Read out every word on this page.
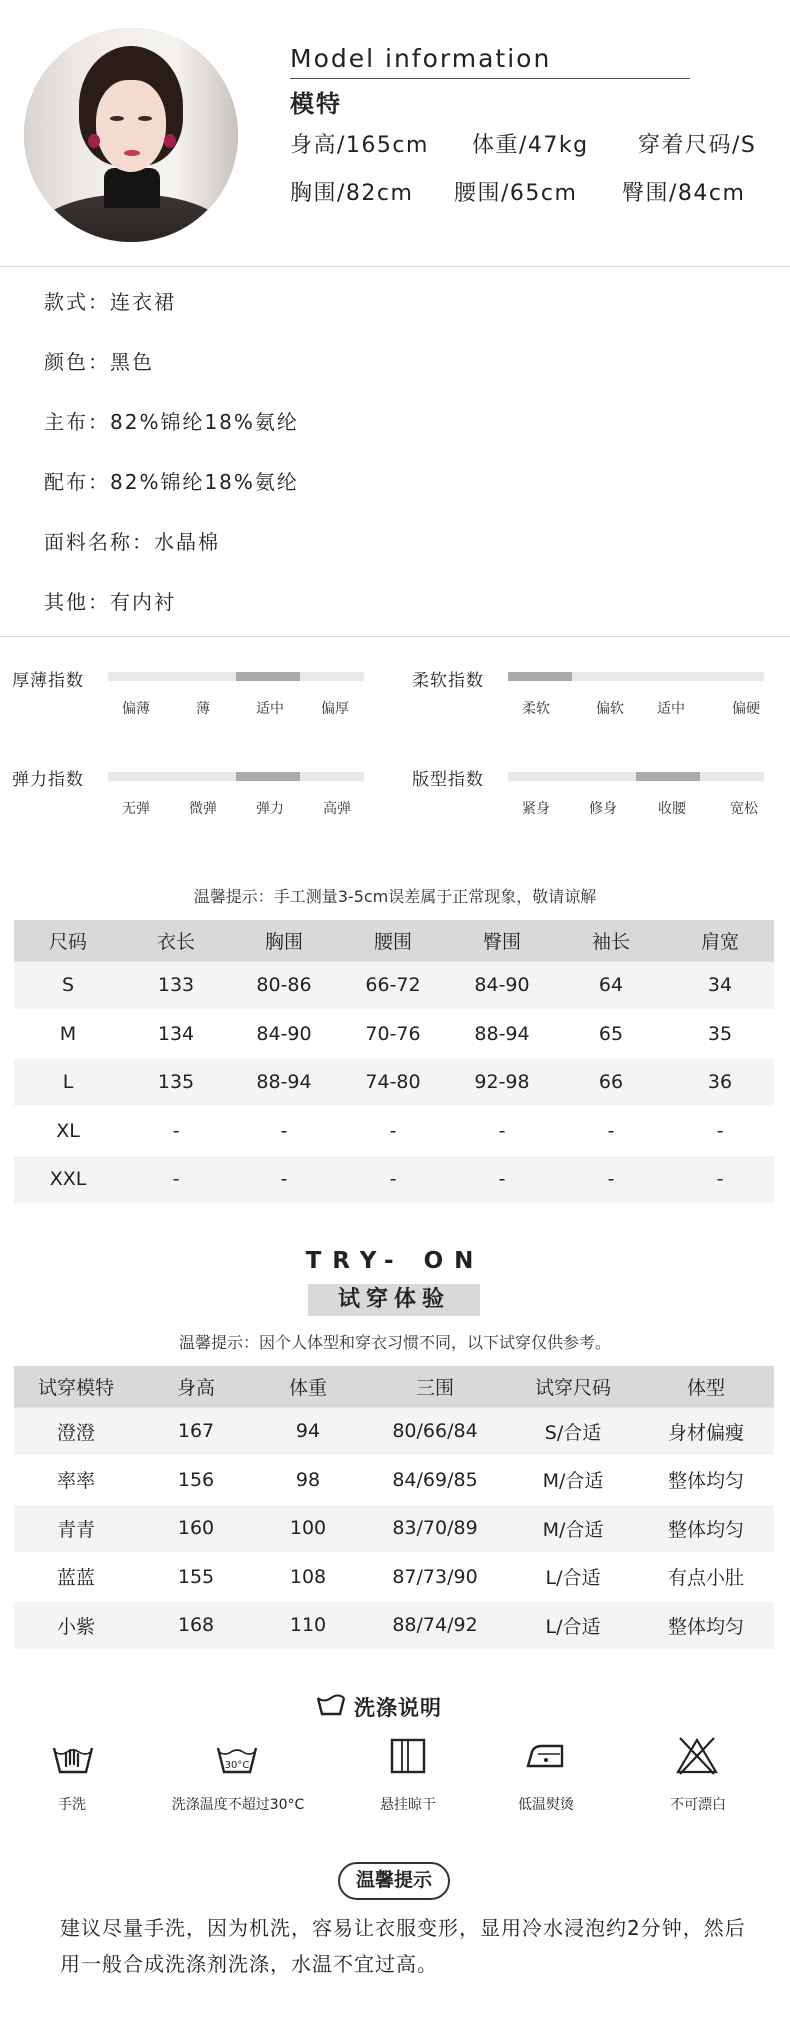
Model information
模特
身高/165cm 体重/47kg 穿着尺码/S
胸围/82cm 腰围/65cm 臀围/84cm
款式：连衣裙
颜色：黑色
主布：82%锦纶18%氨纶
配布：82%锦纶18%氨纶
面料名称：水晶棉
其他：有内衬
厚薄指数
偏薄	薄	适中	偏厚
柔软指数
柔软	偏软 适中	偏硬
弹力指数
无弹	微弹	弹力	高弹
版型指数
紧身	修身	收腰	宽松
温馨提示：手工测量3-5cm误差属于正常现象，敬请谅解
尺码	衣长	胸围	腰围	臀围	袖长	肩宽
S	133	80-86	66-72	84-90	64	34
M	134	84-90	70-76	88-94	65	35
L	135	88-94	74-80	92-98	66	36
XL	-	-	-	-	-	-
XXL	-	-	-	-	-	-
TRY- ON
试穿体验
温馨提示：因个人体型和穿衣习惯不同，以下试穿仅供参考。
试穿模特	身高	体重	三围	试穿尺码	体型
澄澄	167	94	80/66/84	S/合适	身材偏瘦
率率	156	98	84/69/85	M/合适	整体均匀
青青	160	100	83/70/89	M/合适	整体均匀
蓝蓝	155	108	87/73/90	L/合适	有点小肚
小紫	168	110	88/74/92	L/合适	整体均匀
洗涤说明
手洗
30°C
洗涤温度不超过30°C	悬挂晾干	低温熨烫	不可漂白
温馨提示
建议尽量手洗，因为机洗，容易让衣服变形，显用冷水浸泡约2分钟，然后用一般合成洗涤剂洗涤，水温不宜过高。
